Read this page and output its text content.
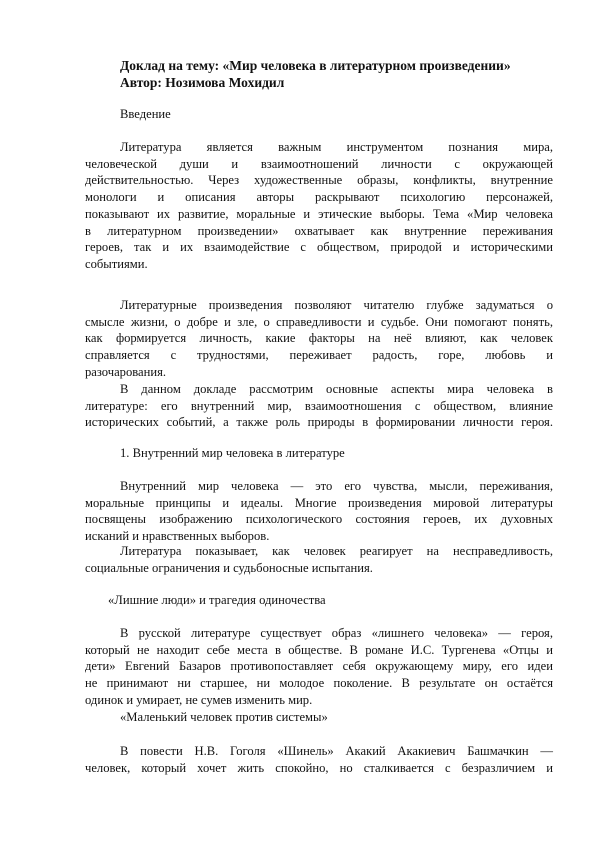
Доклад на тему: «Мир человека в литературном произведении»
Автор: Нозимова Мохидил
Введение
Литература является важным инструментом познания мира,
человеческой души и взаимоотношений личности с окружающей
действительностью. Через художественные образы, конфликты, внутренние
монологи и описания авторы раскрывают психологию персонажей,
показывают их развитие, моральные и этические выборы. Тема «Мир человека
в литературном произведении» охватывает как внутренние переживания
героев, так и их взаимодействие с обществом, природой и историческими
событиями.
Литературные произведения позволяют читателю глубже задуматься о
смысле жизни, о добре и зле, о справедливости и судьбе. Они помогают понять,
как формируется личность, какие факторы на неё влияют, как человек
справляется с трудностями, переживает радость, горе, любовь и
разочарования.
В данном докладе рассмотрим основные аспекты мира человека в
литературе: его внутренний мир, взаимоотношения с обществом, влияние
исторических событий, а также роль природы в формировании личности героя.
1. Внутренний мир человека в литературе
Внутренний мир человека — это его чувства, мысли, переживания,
моральные принципы и идеалы. Многие произведения мировой литературы
посвящены изображению психологического состояния героев, их духовных
исканий и нравственных выборов.
Литература показывает, как человек реагирует на несправедливость,
социальные ограничения и судьбоносные испытания.
«Лишние люди» и трагедия одиночества
В русской литературе существует образ «лишнего человека» — героя,
который не находит себе места в обществе. В романе И.С. Тургенева «Отцы и
дети» Евгений Базаров противопоставляет себя окружающему миру, его идеи
не принимают ни старшее, ни молодое поколение. В результате он остаётся
одинок и умирает, не сумев изменить мир.
«Маленький человек против системы»
В повести Н.В. Гоголя «Шинель» Акакий Акакиевич Башмачкин —
человек, который хочет жить спокойно, но сталкивается с безразличием и
